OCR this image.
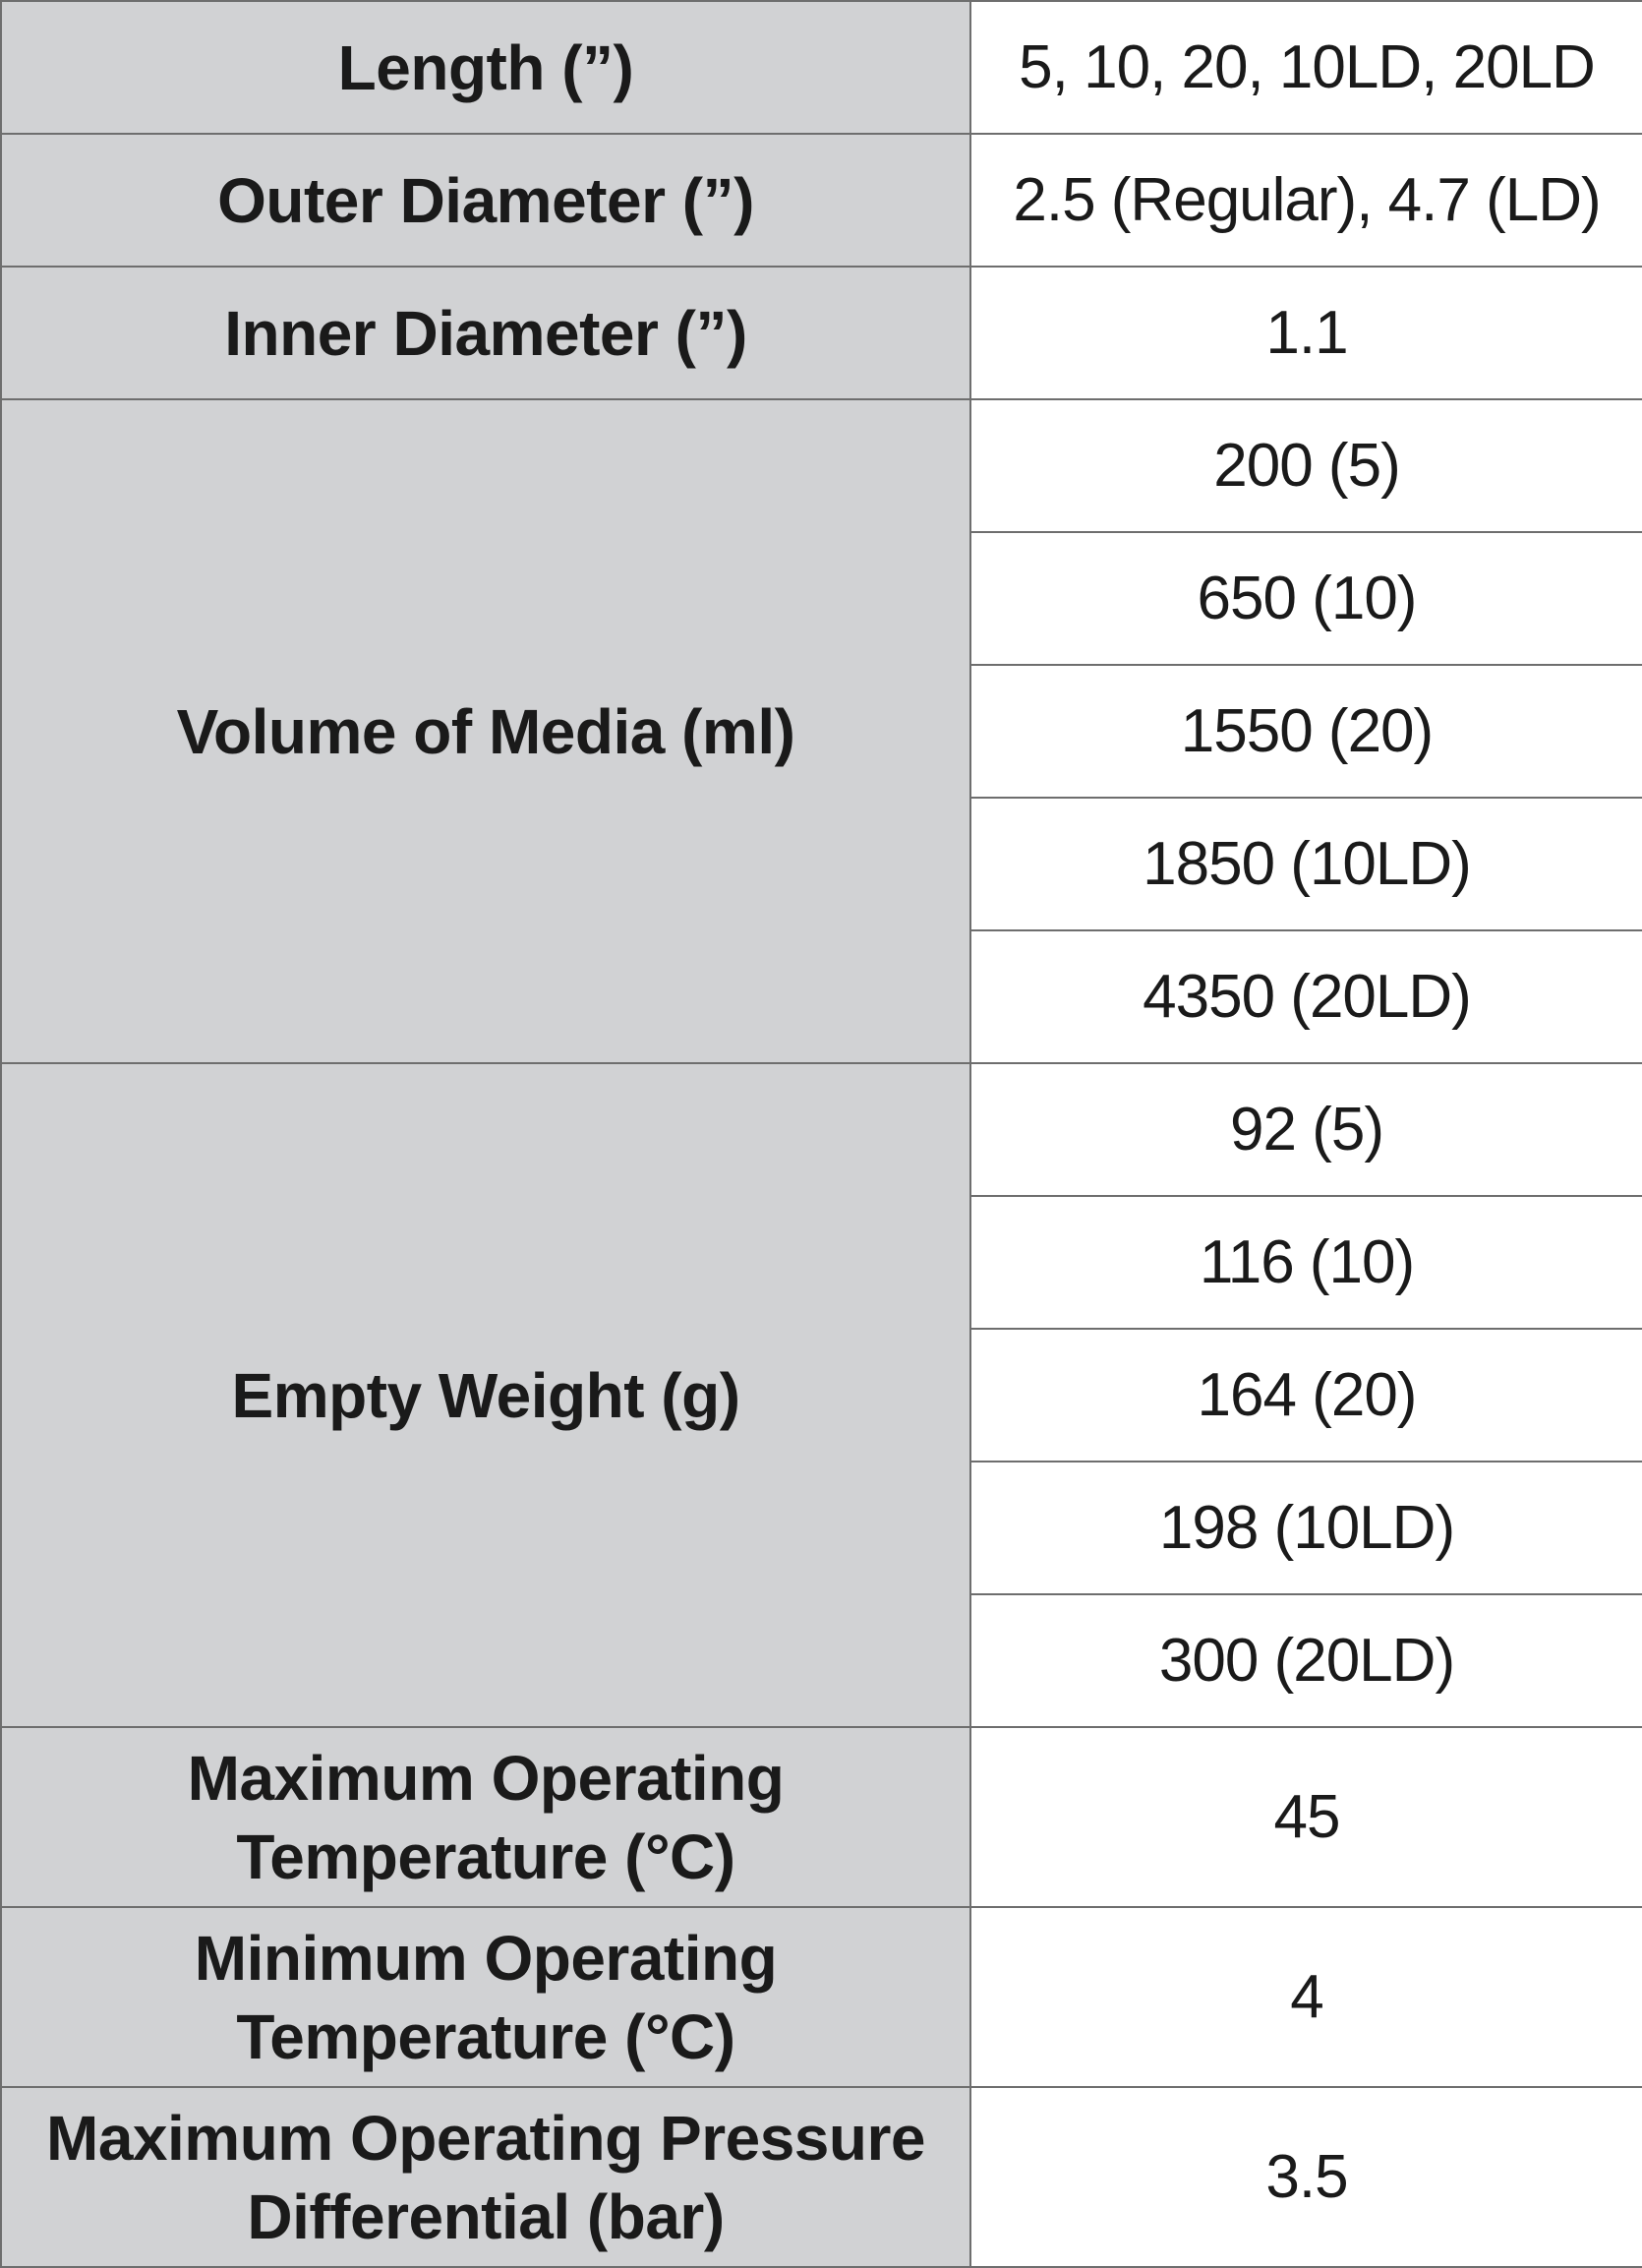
Length (”)	5, 10, 20, 10LD, 20LD
Outer Diameter (”)	2.5 (Regular), 4.7 (LD)
Inner Diameter (”)	1.1
Volume of Media (ml)	200 (5)
	650 (10)
	1550 (20)
	1850 (10LD)
	4350 (20LD)
Empty Weight (g)	92 (5)
	116 (10)
	164 (20)
	198 (10LD)
	300 (20LD)

Maximum Operating
Temperature (°C)	45

Minimum Operating
Temperature (°C)	4

Maximum Operating Pressure
Differential (bar)	3.5
